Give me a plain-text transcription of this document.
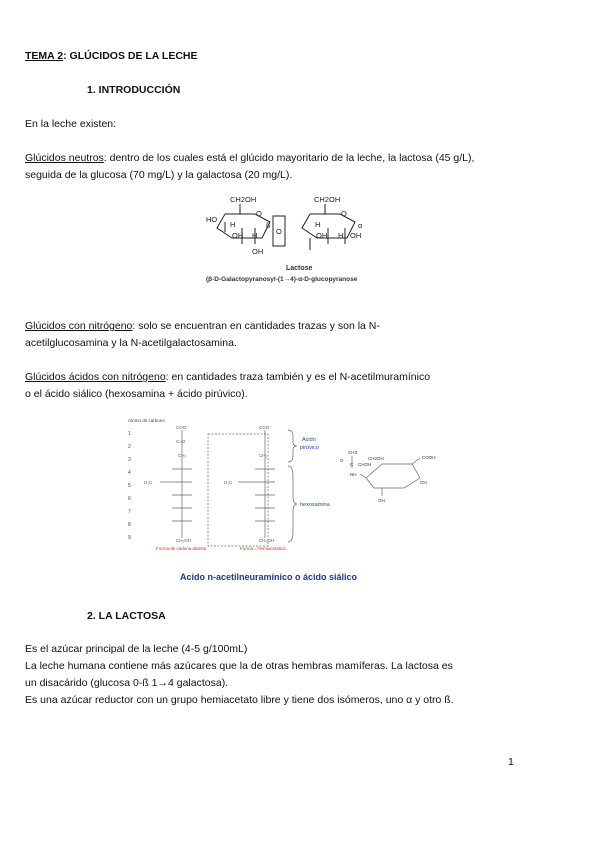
TEMA 2: GLÚCIDOS DE LA LECHE
1. INTRODUCCIÓN
En la leche existen:
Glúcidos neutros: dentro de los cuales está el glúcido mayoritario de la leche, la lactosa (45 g/L),
seguida de la glucosa (70 mg/L) y la galactosa (20 mg/L).
CH2OH	CH2OH
HO
O
O
O
H
OH H
OH
H
OH H OH
β	α
Lactose
(β-D-Galactopyranosyl-(1→4)-α-D-glucopyranose
Glúcidos con nitrógeno: solo se encuentran en cantidades trazas y son la N-
acetilglucosamina y la N-acetilgalactosamina.
Glúcidos ácidos con nitrógeno: en cantidades traza también y es el N-acetilmuramínico
o el ácido siálico (hexosamina + ácido pirúvico).
Átomo de carbono
1
2
3
4
5
6
7
8
9
COO⁻
C=O
CH₂
H₃C
CH₂OH
COO⁻
CH₂
H₃C
CH₂OH
Acido
pirúvico
hexosamina
Forma de cadena abierta	Forma = hemiacetálica
CH3
C
O
NH
CHOH
CH2OH	COOH
OH
OH
Acido n-acetilneuramínico o ácido siálico
2. LA LACTOSA
Es el azúcar principal de la leche (4-5 g/100mL)
La leche humana contiene más azúcares que la de otras hembras mamíferas. La lactosa es
un disacárido (glucosa 0-ß 1→4 galactosa).
Es una azúcar reductor con un grupo hemiacetato libre y tiene dos isómeros, uno α y otro ß.
1
